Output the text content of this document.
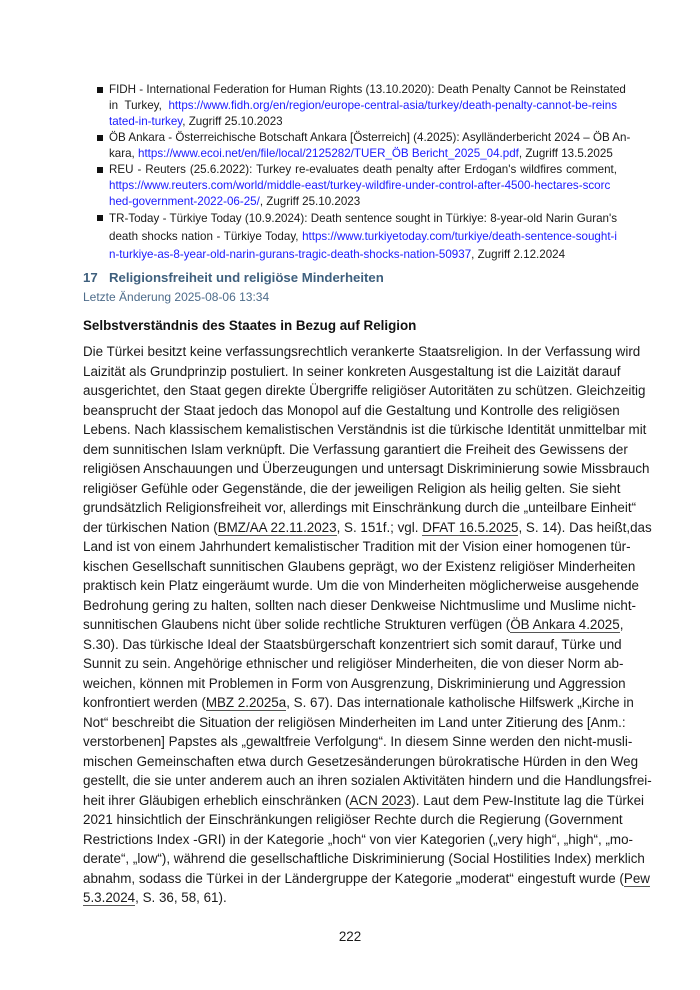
FIDH - International Federation for Human Rights (13.10.2020): Death Penalty Cannot be Reinstated
in Turkey, https://www.fidh.org/en/region/europe-central-asia/turkey/death-penalty-cannot-be-reins
tated-in-turkey, Zugriff 25.10.2023
ÖB Ankara - Österreichische Botschaft Ankara [Österreich] (4.2025): Asylländerbericht 2024 – ÖB An-
kara, https://www.ecoi.net/en/file/local/2125282/TUER_ÖB Bericht_2025_04.pdf, Zugriff 13.5.2025
REU - Reuters (25.6.2022): Turkey re-evaluates death penalty after Erdogan's wildfires comment,
https://www.reuters.com/world/middle-east/turkey-wildfire-under-control-after-4500-hectares-scorc
hed-government-2022-06-25/, Zugriff 25.10.2023
TR-Today - Türkiye Today (10.9.2024): Death sentence sought in Türkiye: 8-year-old Narin Guran's
death shocks nation - Türkiye Today, https://www.turkiyetoday.com/turkiye/death-sentence-sought-i
n-turkiye-as-8-year-old-narin-gurans-tragic-death-shocks-nation-50937, Zugriff 2.12.2024
17 Religionsfreiheit und religiöse Minderheiten
Letzte Änderung 2025-08-06 13:34
Selbstverständnis des Staates in Bezug auf Religion
Die Türkei besitzt keine verfassungsrechtlich verankerte Staatsreligion. In der Verfassung wird
Laizität als Grundprinzip postuliert. In seiner konkreten Ausgestaltung ist die Laizität darauf
ausgerichtet, den Staat gegen direkte Übergriffe religiöser Autoritäten zu schützen. Gleichzeitig
beansprucht der Staat jedoch das Monopol auf die Gestaltung und Kontrolle des religiösen
Lebens. Nach klassischem kemalistischen Verständnis ist die türkische Identität unmittelbar mit
dem sunnitischen Islam verknüpft. Die Verfassung garantiert die Freiheit des Gewissens der
religiösen Anschauungen und Überzeugungen und untersagt Diskriminierung sowie Missbrauch
religiöser Gefühle oder Gegenstände, die der jeweiligen Religion als heilig gelten. Sie sieht
grundsätzlich Religionsfreiheit vor, allerdings mit Einschränkung durch die „unteilbare Einheit“
der türkischen Nation (BMZ/AA 22.11.2023, S. 151f.; vgl. DFAT 16.5.2025, S. 14). Das heißt,das
Land ist von einem Jahrhundert kemalistischer Tradition mit der Vision einer homogenen tür-
kischen Gesellschaft sunnitischen Glaubens geprägt, wo der Existenz religiöser Minderheiten
praktisch kein Platz eingeräumt wurde. Um die von Minderheiten möglicherweise ausgehende
Bedrohung gering zu halten, sollten nach dieser Denkweise Nichtmuslime und Muslime nicht-
sunnitischen Glaubens nicht über solide rechtliche Strukturen verfügen (ÖB Ankara 4.2025,
S.30). Das türkische Ideal der Staatsbürgerschaft konzentriert sich somit darauf, Türke und
Sunnit zu sein. Angehörige ethnischer und religiöser Minderheiten, die von dieser Norm ab-
weichen, können mit Problemen in Form von Ausgrenzung, Diskriminierung und Aggression
konfrontiert werden (MBZ 2.2025a, S. 67). Das internationale katholische Hilfswerk „Kirche in
Not“ beschreibt die Situation der religiösen Minderheiten im Land unter Zitierung des [Anm.:
verstorbenen] Papstes als „gewaltfreie Verfolgung“. In diesem Sinne werden den nicht-musli-
mischen Gemeinschaften etwa durch Gesetzesänderungen bürokratische Hürden in den Weg
gestellt, die sie unter anderem auch an ihren sozialen Aktivitäten hindern und die Handlungsfrei-
heit ihrer Gläubigen erheblich einschränken (ACN 2023). Laut dem Pew-Institute lag die Türkei
2021 hinsichtlich der Einschränkungen religiöser Rechte durch die Regierung (Government
Restrictions Index -GRI) in der Kategorie „hoch“ von vier Kategorien („very high“, „high“, „mo-
derate“, „low“), während die gesellschaftliche Diskriminierung (Social Hostilities Index) merklich
abnahm, sodass die Türkei in der Ländergruppe der Kategorie „moderat“ eingestuft wurde (Pew
5.3.2024, S. 36, 58, 61).
222
